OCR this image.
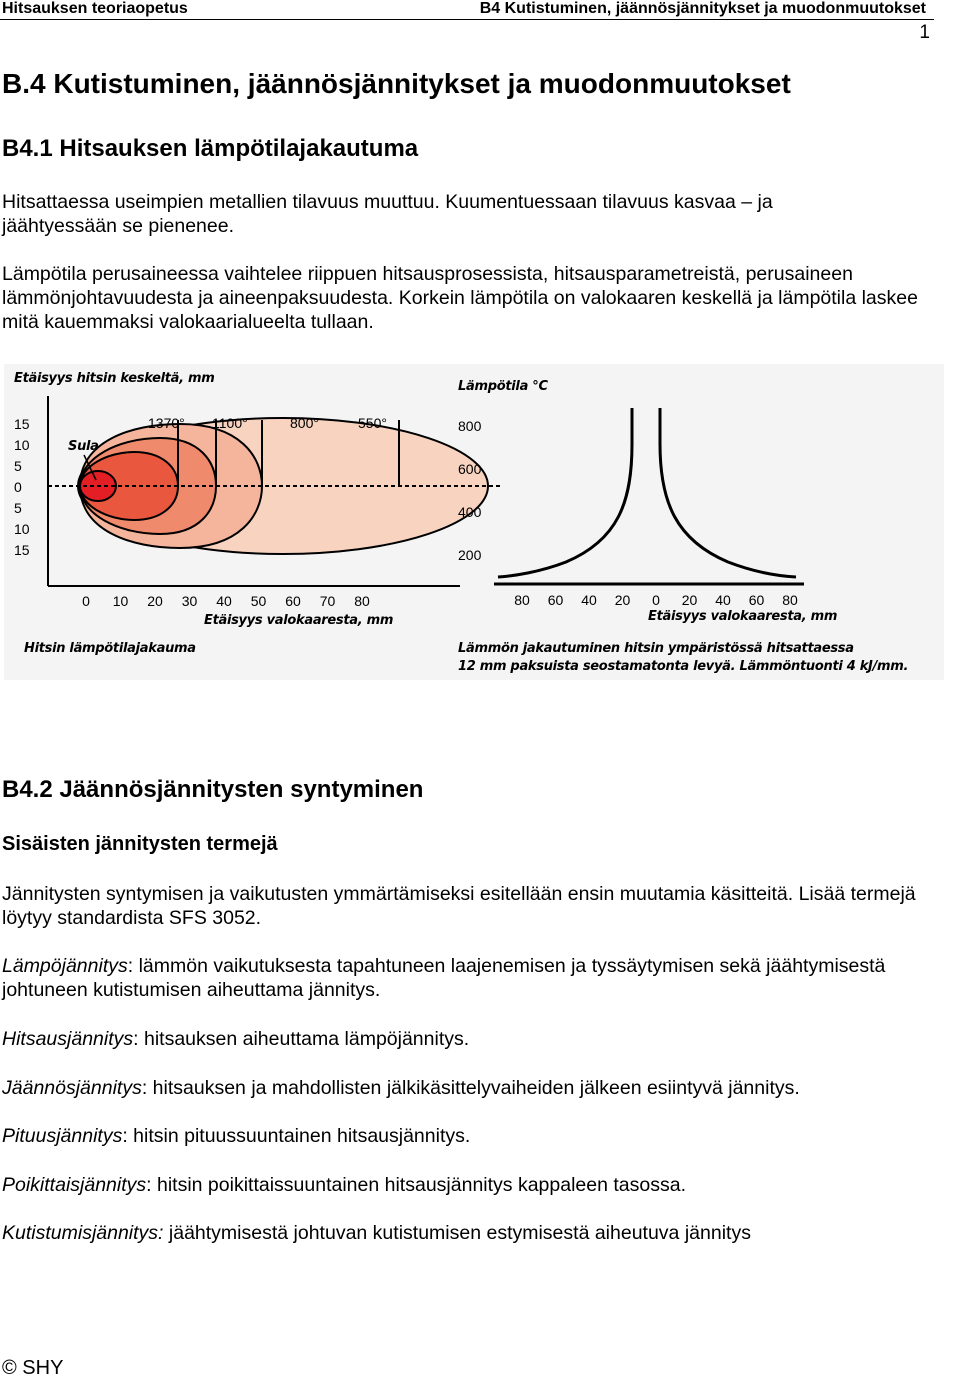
Hitsauksen teoriaopetus	B4 Kutistuminen, jäännösjännitykset ja muodonmuutokset
1
B.4 Kutistuminen, jäännösjännitykset ja muodonmuutokset
B4.1 Hitsauksen lämpötilajakautuma

Hitsattaessa useimpien metallien tilavuus muuttuu. Kuumentuessaan tilavuus kasvaa – ja jäähtyessään se pienenee.

Lämpötila perusaineessa vaihtelee riippuen hitsausprosessista, hitsausparametreistä, perusaineen lämmönjohtavuudesta ja aineenpaksuudesta. Korkein lämpötila on valokaaren keskellä ja lämpötila laskee mitä kauemmaksi valokaarialueelta tullaan.

Etäisyys hitsin keskeltä, mm
15
10
5
0
5
10
15
1370° 1100°	800°	550°
Sula
0 10 20 30 40 50 60 70 80
Etäisyys valokaaresta, mm
Hitsin lämpötilajakauma
Lämpötila °C
800
600
400
200
80 60 40 20 0 20 40 60 80
Etäisyys valokaaresta, mm
Lämmön jakautuminen hitsin ympäristössä hitsattaessa
12 mm paksuista seostamatonta levyä. Lämmöntuonti 4 kJ/mm.
B4.2 Jäännösjännitysten syntyminen
Sisäisten jännitysten termejä

Jännitysten syntymisen ja vaikutusten ymmärtämiseksi esitellään ensin muutamia käsitteitä. Lisää termejä löytyy standardista SFS 3052.

Lämpöjännitys: lämmön vaikutuksesta tapahtuneen laajenemisen ja tyssäytymisen sekä jäähtymisestä johtuneen kutistumisen aiheuttama jännitys.

Hitsausjännitys: hitsauksen aiheuttama lämpöjännitys.

Jäännösjännitys: hitsauksen ja mahdollisten jälkikäsittelyvaiheiden jälkeen esiintyvä jännitys.

Pituusjännitys: hitsin pituussuuntainen hitsausjännitys.

Poikittaisjännitys: hitsin poikittaissuuntainen hitsausjännitys kappaleen tasossa.

Kutistumisjännitys: jäähtymisestä johtuvan kutistumisen estymisestä aiheutuva jännitys

© SHY
